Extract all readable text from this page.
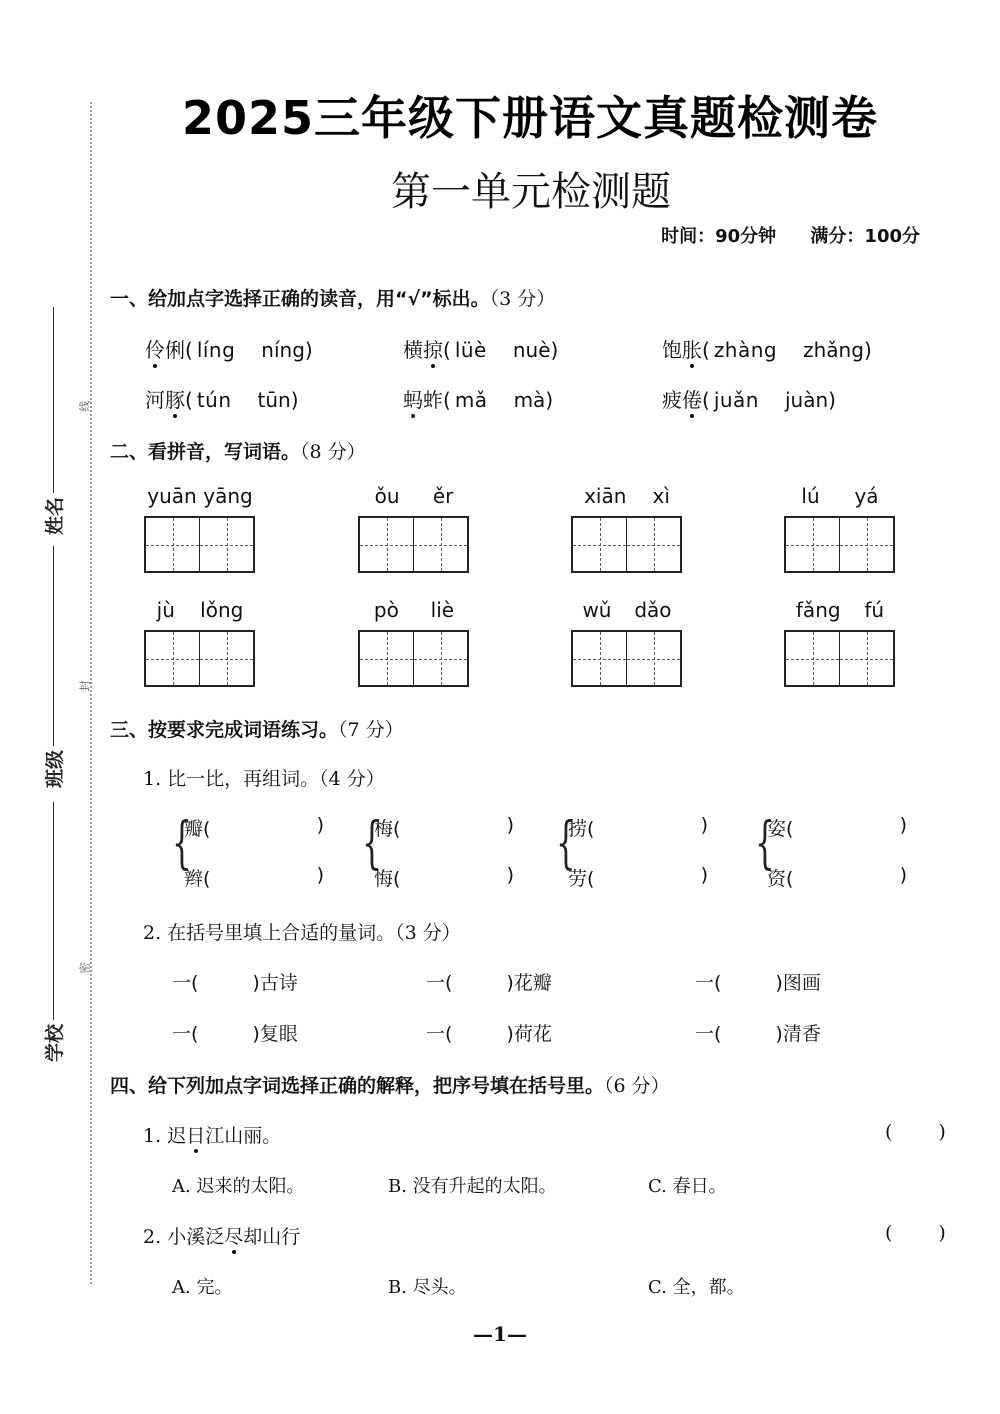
2025三年级下册语文真题检测卷
第一单元检测题
时间：90分钟 满分：100分
线
封
密
姓名
班级
学校
一、给加点字选择正确的读音，用“√”标出。（3 分）
伶俐( líng níng)	横掠( lüè nuè)	饱胀( zhàng zhǎng)
河豚( tún tūn)	蚂蚱( mǎ mà)	疲倦( juǎn juàn)
二、看拼音，写词语。（8 分）
yuān yāng	ǒu ěr	xiān xì	lú yá
jù lǒng	pò liè	wǔ dǎo	fǎng fú
三、按要求完成词语练习。（7 分）
1. 比一比，再组词。（4 分）
{
瓣(	)
辫(	) {
梅(	)
悔(	) {
捞(	)
劳(	) {
姿(	)
资(	)
2. 在括号里填上合适的量词。（3 分）
一(	)古诗	一(	)花瓣	一(	)图画
一(	)复眼	一(	)荷花	一(	)清香
四、给下列加点字词选择正确的解释，把序号填在括号里。（6 分）
1. 迟日江山丽。	( )
A. 迟来的太阳。	B. 没有升起的太阳。	C. 春日。
2. 小溪泛尽却山行	( )
A. 完。	B. 尽头。	C. 全，都。
—1—
